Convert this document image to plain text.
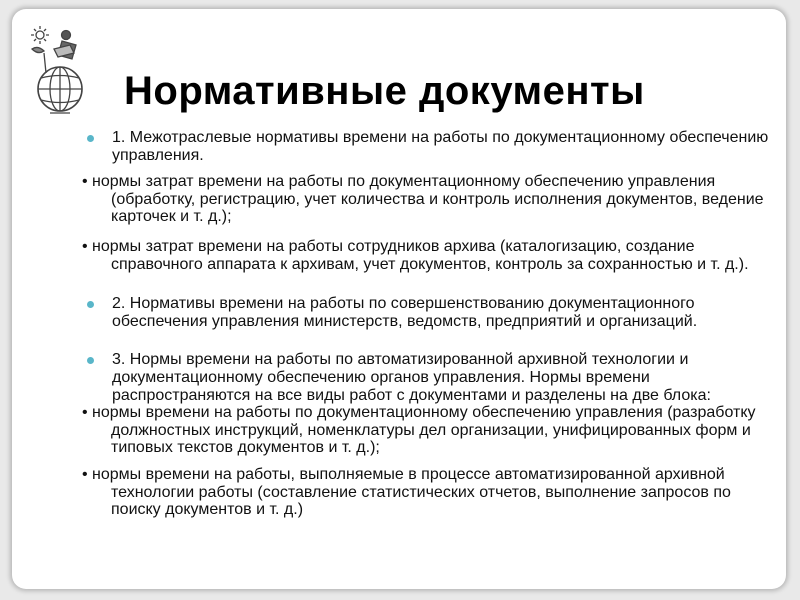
Нормативные документы

1. Межотраслевые нормативы времени на работы по документационному обеспечению управления.

• нормы затрат времени на работы по документационному обеспечению управления (обработку, регистрацию, учет количества и контроль исполнения документов, ведение карточек и т. д.);

• нормы затрат времени на работы сотрудников архива (каталогизацию, создание справочного аппарата к архивам, учет документов, контроль за сохранностью и т. д.).

2. Нормативы времени на работы по совершенствованию документационного обеспечения управления министерств, ведомств, предприятий и организаций.

3. Нормы времени на работы по автоматизированной архивной технологии и документационному обеспечению органов управления. Нормы времени распространяются на все виды работ с документами и разделены на две блока:

• нормы времени на работы по документационному обеспечению управления (разработку должностных инструкций, номенклатуры дел организации, унифицированных форм и типовых текстов документов и т. д.);

• нормы времени на работы, выполняемые в процессе автоматизированной архивной технологии работы (составление статистических отчетов, выполнение запросов по поиску документов и т. д.)
